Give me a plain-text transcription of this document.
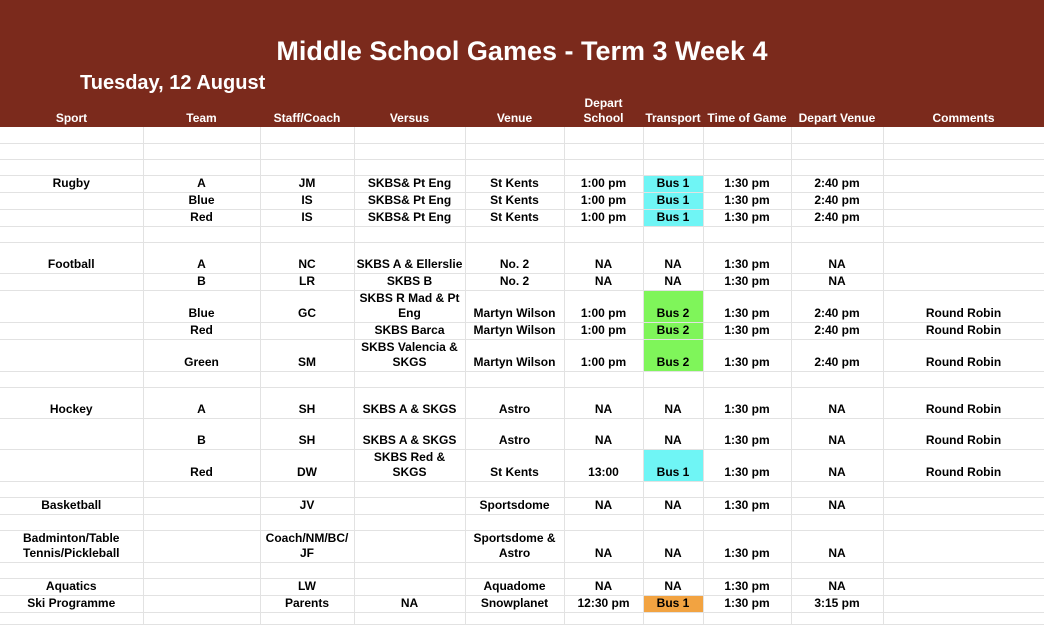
Middle School Games - Term 3 Week 4
Tuesday, 12 August
Sport	Team	Staff/Coach	Versus	Venue	Depart School	Transport	Time of Game	Depart Venue	Comments

Rugby	A	JM	SKBS& Pt Eng	St Kents	1:00 pm	Bus 1	1:30 pm	2:40 pm	
	Blue	IS	SKBS& Pt Eng	St Kents	1:00 pm	Bus 1	1:30 pm	2:40 pm	
	Red	IS	SKBS& Pt Eng	St Kents	1:00 pm	Bus 1	1:30 pm	2:40 pm	

Football	A	NC	SKBS A & Ellerslie	No. 2	NA	NA	1:30 pm	NA	
	B	LR	SKBS B	No. 2	NA	NA	1:30 pm	NA	
	Blue	GC	SKBS R Mad & Pt Eng	Martyn Wilson	1:00 pm	Bus 2	1:30 pm	2:40 pm	Round Robin
	Red		SKBS Barca	Martyn Wilson	1:00 pm	Bus 2	1:30 pm	2:40 pm	Round Robin
	Green	SM	SKBS Valencia & SKGS	Martyn Wilson	1:00 pm	Bus 2	1:30 pm	2:40 pm	Round Robin

Hockey	A	SH	SKBS A & SKGS	Astro	NA	NA	1:30 pm	NA	Round Robin
	B	SH	SKBS A & SKGS	Astro	NA	NA	1:30 pm	NA	Round Robin
	Red	DW	SKBS Red & SKGS	St Kents	13:00	Bus 1	1:30 pm	NA	Round Robin

Basketball		JV		Sportsdome	NA	NA	1:30 pm	NA	

Badminton/Table Tennis/Pickleball		Coach/NM/BC/ JF		Sportsdome & Astro	NA	NA	1:30 pm	NA	

Aquatics		LW		Aquadome	NA	NA	1:30 pm	NA	
Ski Programme		Parents	NA	Snowplanet	12:30 pm	Bus 1	1:30 pm	3:15 pm	
